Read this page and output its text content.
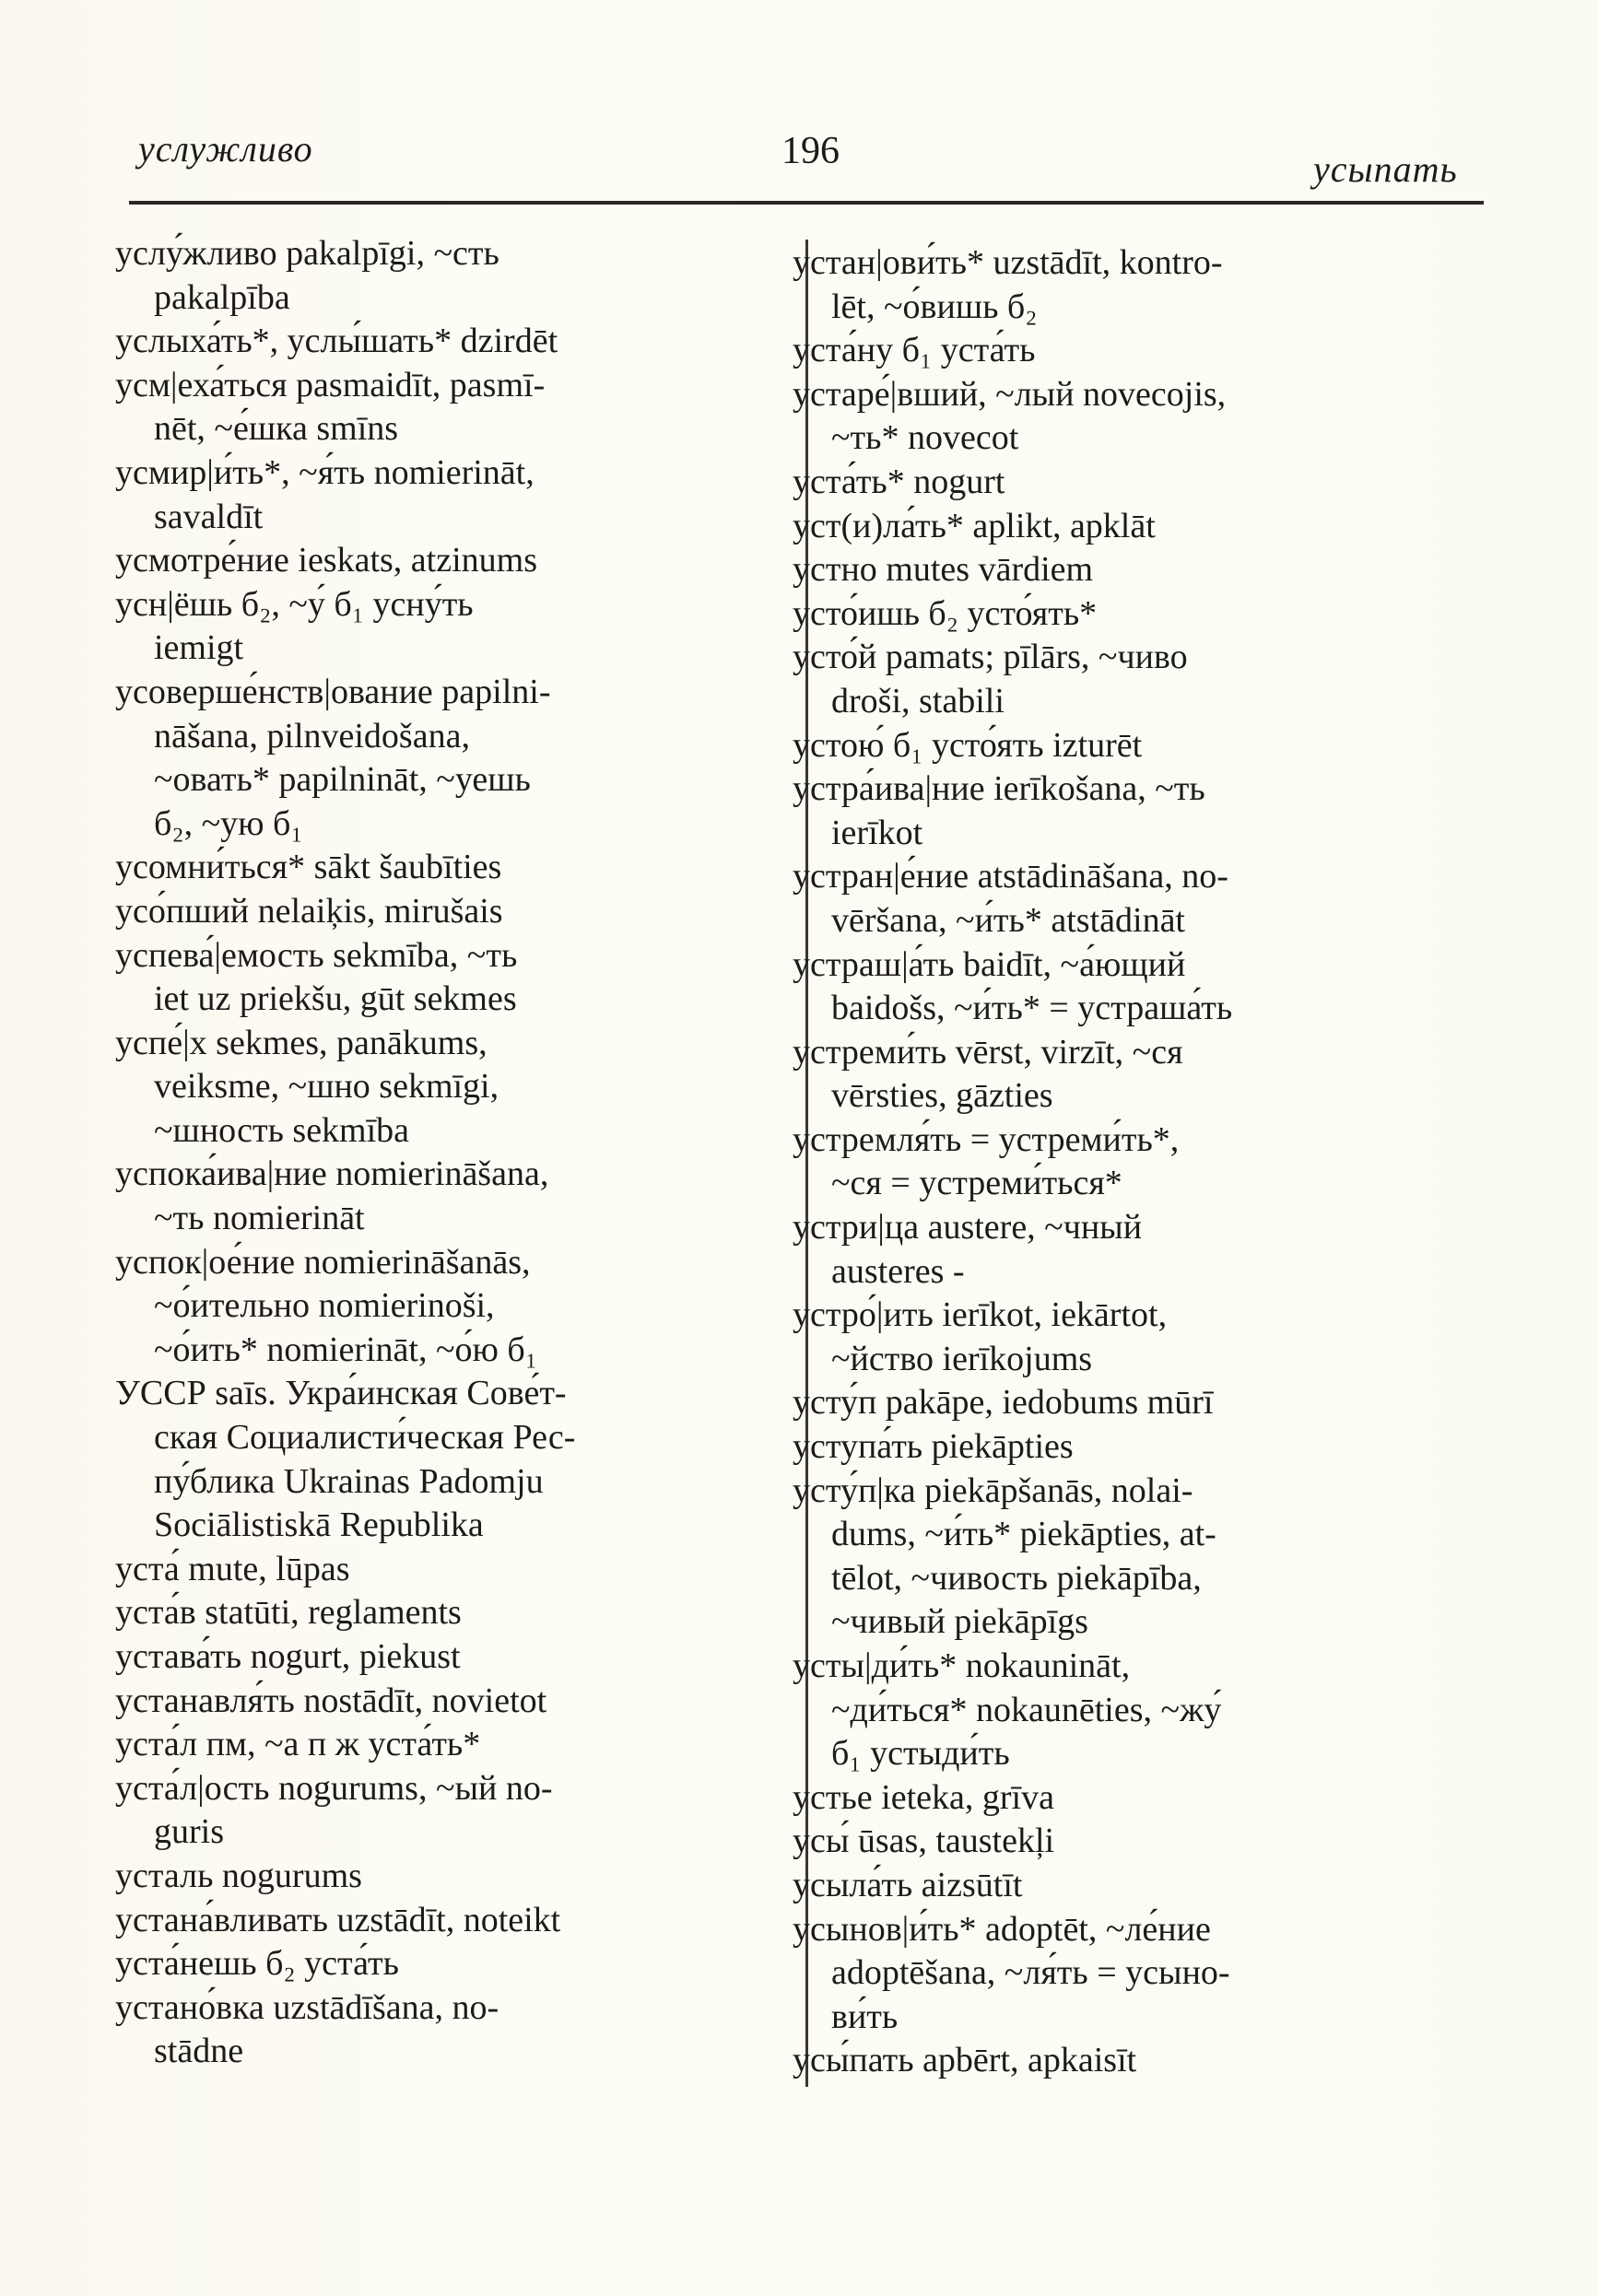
услужливо	196	усыпать
услу́жливо pakalpīgi, ~сть
pakalpība
услыха́ть*, услы́шать* dzirdēt
усм|еха́ться pasmaidīt, pasmī-
nēt, ~е́шка smīns
усмир|и́ть*, ~я́ть nomierināt,
savaldīt
усмотре́ние ieskats, atzinums
усн|ёшь б₂, ~у́ б₁ усну́ть
iemigt
усоверше́нств|ование papilni-
nāšana, pilnveidošana,
~овать* papilnināt, ~уешь
б₂, ~ую б₁
усомни́ться* sākt šaubīties
усо́пший nelaiķis, mirušais
успева́|емость sekmība, ~ть
iet uz priekšu, gūt sekmes
успе́|х sekmes, panākums,
veiksme, ~шно sekmīgi,
~шность sekmība
успока́ива|ние nomierināšana,
~ть nomierināt
успок|ое́ние nomierināšanās,
~о́ительно nomierinoši,
~о́ить* nomierināt, ~о́ю б₁
УССР saīs. Укра́инская Сове́т-
ская Социалисти́ческая Рес-
пу́блика Ukrainas Padomju
Sociālistiskā Republika
уста́ mute, lūpas
уста́в statūti, reglaments
устава́ть nogurt, piekust
устанавля́ть nostādīt, novietot
уста́л пм, ~а п ж уста́ть*
уста́л|ость nogurums, ~ый no-
guris
усталь nogurums
устана́вливать uzstādīt, noteikt
уста́нешь б₂ уста́ть
устано́вка uzstādīšana, no-
stādne
устан|ови́ть* uzstādīt, kontro-
lēt, ~о́вишь б₂
уста́ну б₁ уста́ть
устаре́|вший, ~лый novecojis,
~ть* novecot
уста́ть* nogurt
уст(и)ла́ть* aplikt, apklāt
устно mutes vārdiem
усто́ишь б₂ усто́ять*
усто́й pamats; pīlārs, ~чиво
droši, stabili
устою́ б₁ усто́ять izturēt
устра́ива|ние ierīkošana, ~ть
ierīkot
устран|е́ние atstādināšana, no-
vēršana, ~и́ть* atstādināt
устраш|а́ть baidīt, ~а́ющий
baidošs, ~и́ть* = устраша́ть
устреми́ть vērst, virzīt, ~ся
vērsties, gāzties
устремля́ть = устреми́ть*,
~ся = устреми́ться*
устри|ца austere, ~чный
austeres -
устро́|ить ierīkot, iekārtot,
~йство ierīkojums
усту́п pakāpe, iedobums mūrī
уступа́ть piekāpties
усту́п|ка piekāpšanās, nolai-
dums, ~и́ть* piekāpties, at-
tēlot, ~чивость piekāpība,
~чивый piekāpīgs
усты|ди́ть* nokaunināt,
~ди́ться* nokaunēties, ~жу́
б₁ устыди́ть
устье ieteka, grīva
усы́ ūsas, taustekļi
усыла́ть aizsūtīt
усынов|и́ть* adoptēt, ~ле́ние
adoptēšana, ~ля́ть = усыно-
ви́ть
усы́пать apbērt, apkaisīt
